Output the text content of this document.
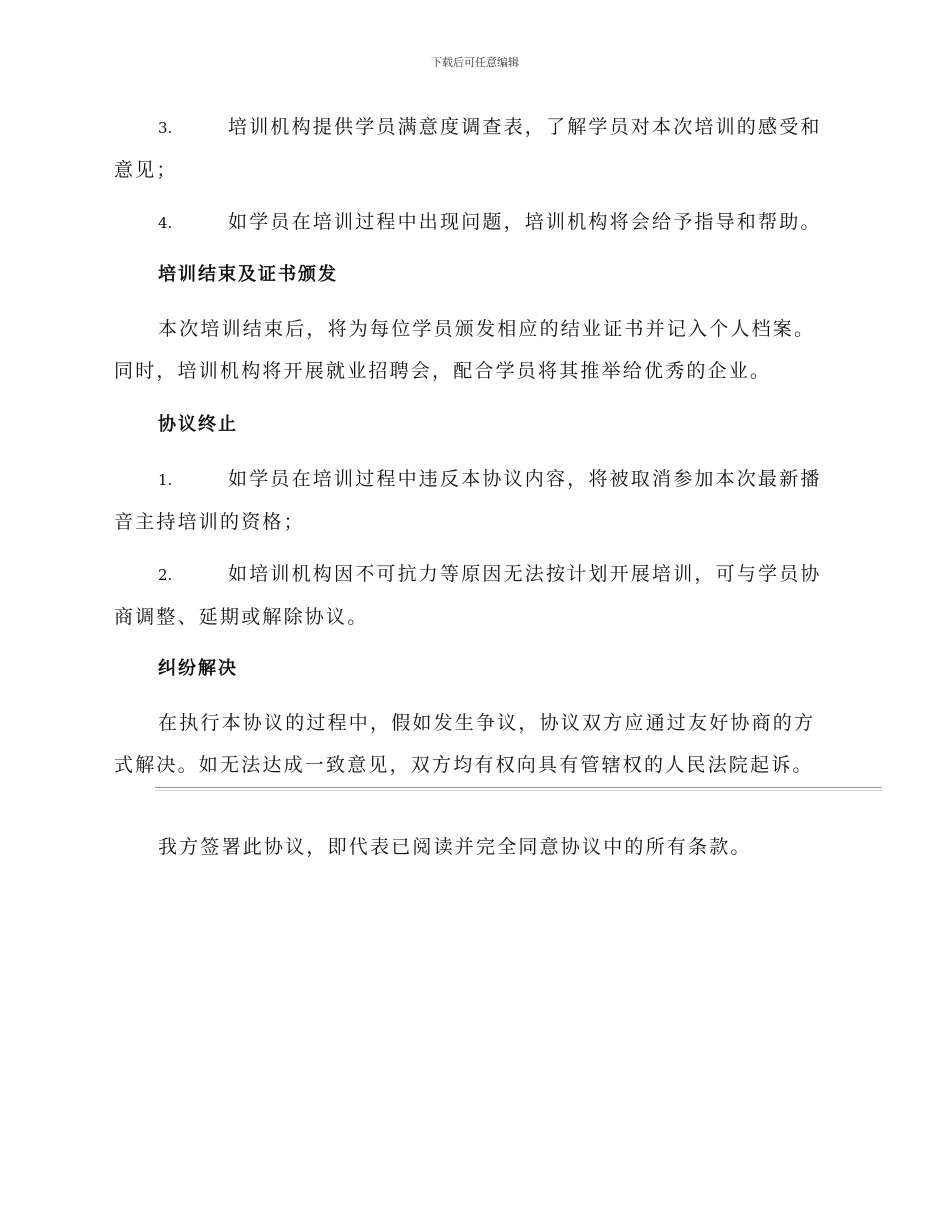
下载后可任意编辑
3.	培训机构提供学员满意度调查表，了解学员对本次培训的感受和意见；
4.	如学员在培训过程中出现问题，培训机构将会给予指导和帮助。
培训结束及证书颁发
本次培训结束后，将为每位学员颁发相应的结业证书并记入个人档案。同时，培训机构将开展就业招聘会，配合学员将其推举给优秀的企业。
协议终止
1.	如学员在培训过程中违反本协议内容，将被取消参加本次最新播音主持培训的资格；
2.	如培训机构因不可抗力等原因无法按计划开展培训，可与学员协商调整、延期或解除协议。
纠纷解决
在执行本协议的过程中，假如发生争议，协议双方应通过友好协商的方式解决。如无法达成一致意见，双方均有权向具有管辖权的人民法院起诉。
我方签署此协议，即代表已阅读并完全同意协议中的所有条款。
